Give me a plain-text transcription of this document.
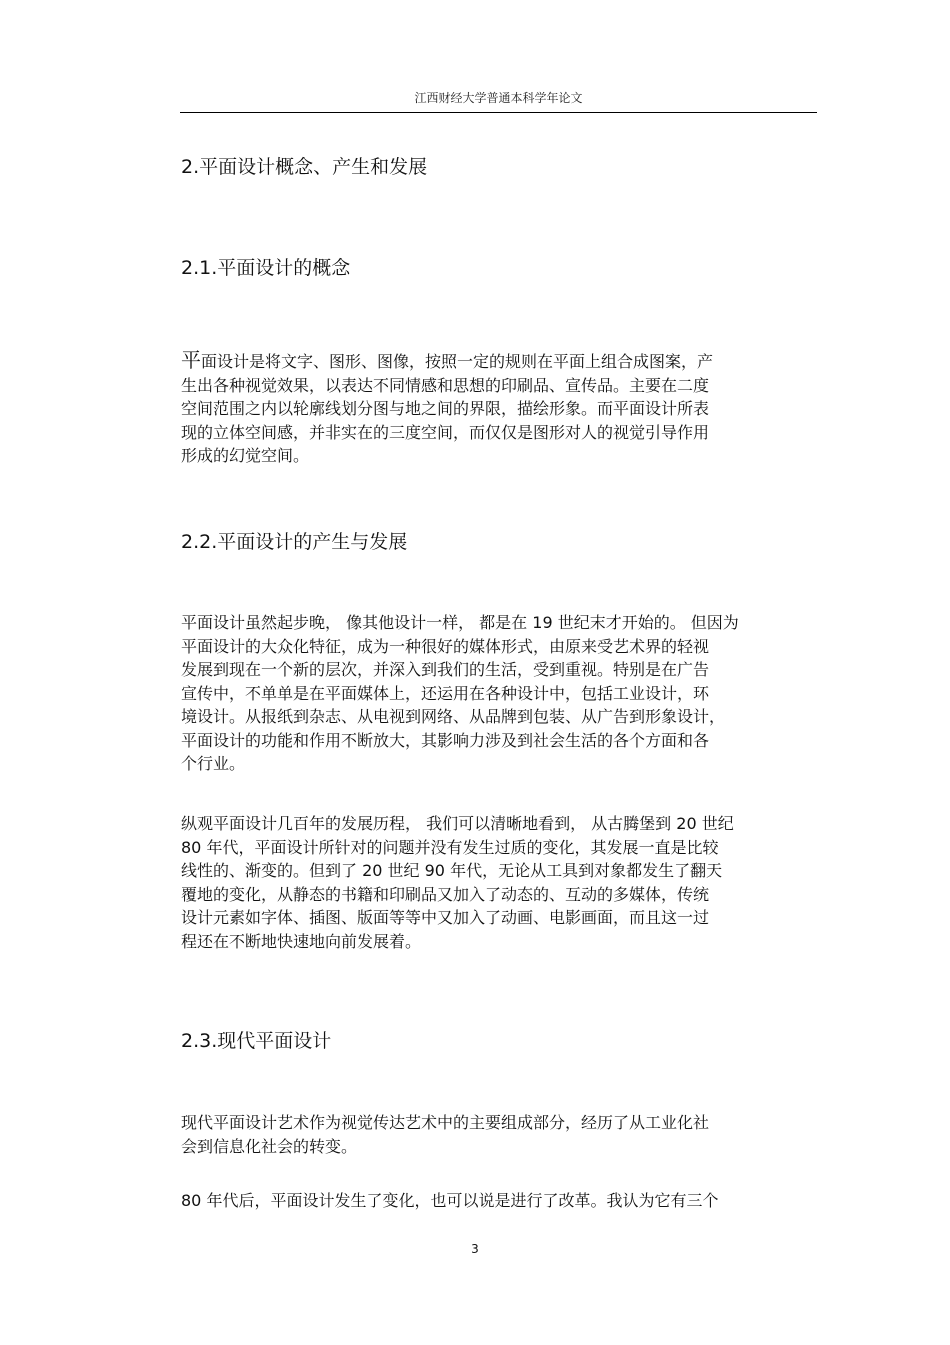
江西财经大学普通本科学年论文
2.平面设计概念、产生和发展
2.1.平面设计的概念
平面设计是将文字、图形、图像，按照一定的规则在平面上组合成图案，产
生出各种视觉效果，以表达不同情感和思想的印刷品、宣传品。主要在二度
空间范围之内以轮廓线划分图与地之间的界限，描绘形象。而平面设计所表
现的立体空间感，并非实在的三度空间，而仅仅是图形对人的视觉引导作用
形成的幻觉空间。
2.2.平面设计的产生与发展
平面设计虽然起步晚， 像其他设计一样， 都是在 19 世纪末才开始的。 但因为
平面设计的大众化特征，成为一种很好的媒体形式，由原来受艺术界的轻视
发展到现在一个新的层次，并深入到我们的生活，受到重视。特别是在广告
宣传中，不单单是在平面媒体上，还运用在各种设计中，包括工业设计，环
境设计。从报纸到杂志、从电视到网络、从品牌到包装、从广告到形象设计，
平面设计的功能和作用不断放大，其影响力涉及到社会生活的各个方面和各
个行业。
纵观平面设计几百年的发展历程， 我们可以清晰地看到， 从古腾堡到 20 世纪
80 年代，平面设计所针对的问题并没有发生过质的变化，其发展一直是比较
线性的、渐变的。但到了 20 世纪 90 年代，无论从工具到对象都发生了翻天
覆地的变化，从静态的书籍和印刷品又加入了动态的、互动的多媒体，传统
设计元素如字体、插图、版面等等中又加入了动画、电影画面，而且这一过
程还在不断地快速地向前发展着。
2.3.现代平面设计
现代平面设计艺术作为视觉传达艺术中的主要组成部分，经历了从工业化社
会到信息化社会的转变。
80 年代后，平面设计发生了变化，也可以说是进行了改革。我认为它有三个
3
